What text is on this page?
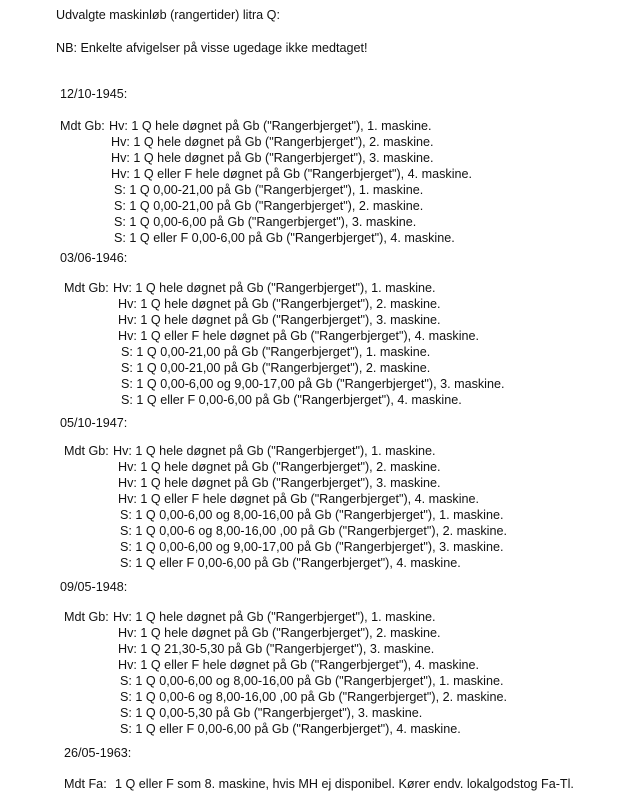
Udvalgte maskinløb (rangertider) litra Q:
NB: Enkelte afvigelser på visse ugedage ikke medtaget!
12/10-1945:
Mdt Gb: Hv: 1 Q hele døgnet på Gb ("Rangerbjerget"), 1. maskine.
Hv: 1 Q hele døgnet på Gb ("Rangerbjerget"), 2. maskine.
Hv: 1 Q hele døgnet på Gb ("Rangerbjerget"), 3. maskine.
Hv: 1 Q eller F hele døgnet på Gb ("Rangerbjerget"), 4. maskine.
S: 1 Q 0,00-21,00 på Gb ("Rangerbjerget"), 1. maskine.
S: 1 Q 0,00-21,00 på Gb ("Rangerbjerget"), 2. maskine.
S: 1 Q 0,00-6,00 på Gb ("Rangerbjerget"), 3. maskine.
S: 1 Q eller F 0,00-6,00 på Gb ("Rangerbjerget"), 4. maskine.
03/06-1946:
Mdt Gb: Hv: 1 Q hele døgnet på Gb ("Rangerbjerget"), 1. maskine.
Hv: 1 Q hele døgnet på Gb ("Rangerbjerget"), 2. maskine.
Hv: 1 Q hele døgnet på Gb ("Rangerbjerget"), 3. maskine.
Hv: 1 Q eller F hele døgnet på Gb ("Rangerbjerget"), 4. maskine.
S: 1 Q 0,00-21,00 på Gb ("Rangerbjerget"), 1. maskine.
S: 1 Q 0,00-21,00 på Gb ("Rangerbjerget"), 2. maskine.
S: 1 Q 0,00-6,00 og 9,00-17,00 på Gb ("Rangerbjerget"), 3. maskine.
S: 1 Q eller F 0,00-6,00 på Gb ("Rangerbjerget"), 4. maskine.
05/10-1947:
Mdt Gb: Hv: 1 Q hele døgnet på Gb ("Rangerbjerget"), 1. maskine.
Hv: 1 Q hele døgnet på Gb ("Rangerbjerget"), 2. maskine.
Hv: 1 Q hele døgnet på Gb ("Rangerbjerget"), 3. maskine.
Hv: 1 Q eller F hele døgnet på Gb ("Rangerbjerget"), 4. maskine.
S: 1 Q 0,00-6,00 og 8,00-16,00 på Gb ("Rangerbjerget"), 1. maskine.
S: 1 Q 0,00-6 og 8,00-16,00 ,00 på Gb ("Rangerbjerget"), 2. maskine.
S: 1 Q 0,00-6,00 og 9,00-17,00 på Gb ("Rangerbjerget"), 3. maskine.
S: 1 Q eller F 0,00-6,00 på Gb ("Rangerbjerget"), 4. maskine.
09/05-1948:
Mdt Gb: Hv: 1 Q hele døgnet på Gb ("Rangerbjerget"), 1. maskine.
Hv: 1 Q hele døgnet på Gb ("Rangerbjerget"), 2. maskine.
Hv: 1 Q 21,30-5,30 på Gb ("Rangerbjerget"), 3. maskine.
Hv: 1 Q eller F hele døgnet på Gb ("Rangerbjerget"), 4. maskine.
S: 1 Q 0,00-6,00 og 8,00-16,00 på Gb ("Rangerbjerget"), 1. maskine.
S: 1 Q 0,00-6 og 8,00-16,00 ,00 på Gb ("Rangerbjerget"), 2. maskine.
S: 1 Q 0,00-5,30 på Gb ("Rangerbjerget"), 3. maskine.
S: 1 Q eller F 0,00-6,00 på Gb ("Rangerbjerget"), 4. maskine.
26/05-1963:
Mdt Fa: 1 Q eller F som 8. maskine, hvis MH ej disponibel. Kører endv. lokalgodstog Fa-Tl.
